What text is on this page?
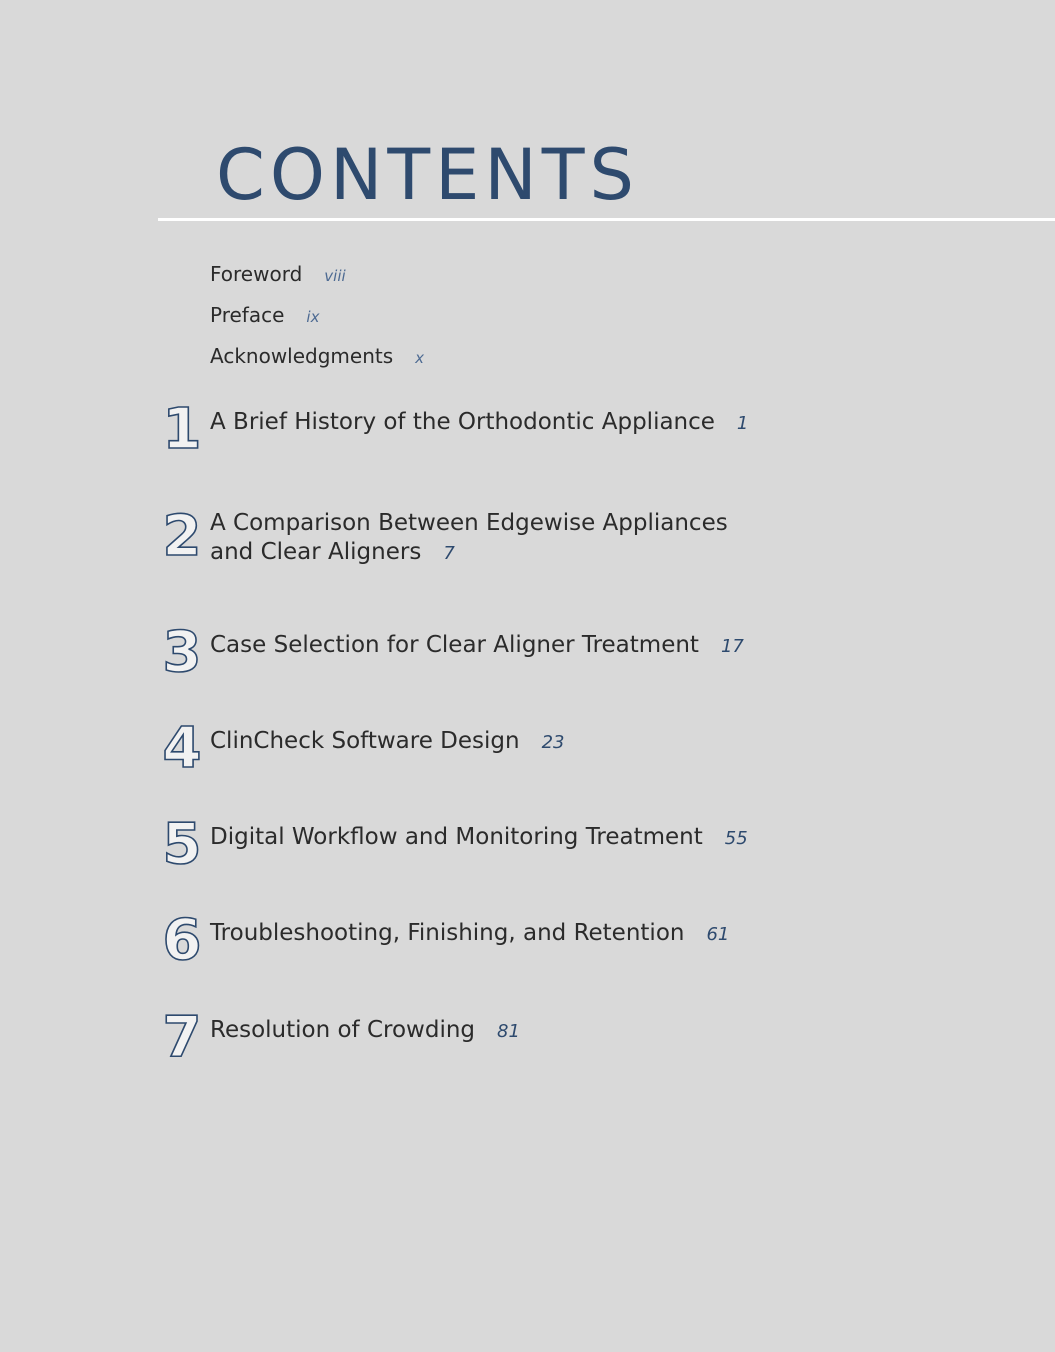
CONTENTS
Foreword viii
Preface ix
Acknowledgments x
1 A Brief History of the Orthodontic Appliance 1
2 A Comparison Between Edgewise Appliances
and Clear Aligners 7
3 Case Selection for Clear Aligner Treatment 17
4 ClinCheck Software Design 23
5 Digital Workflow and Monitoring Treatment 55
6 Troubleshooting, Finishing, and Retention 61
7 Resolution of Crowding 81
